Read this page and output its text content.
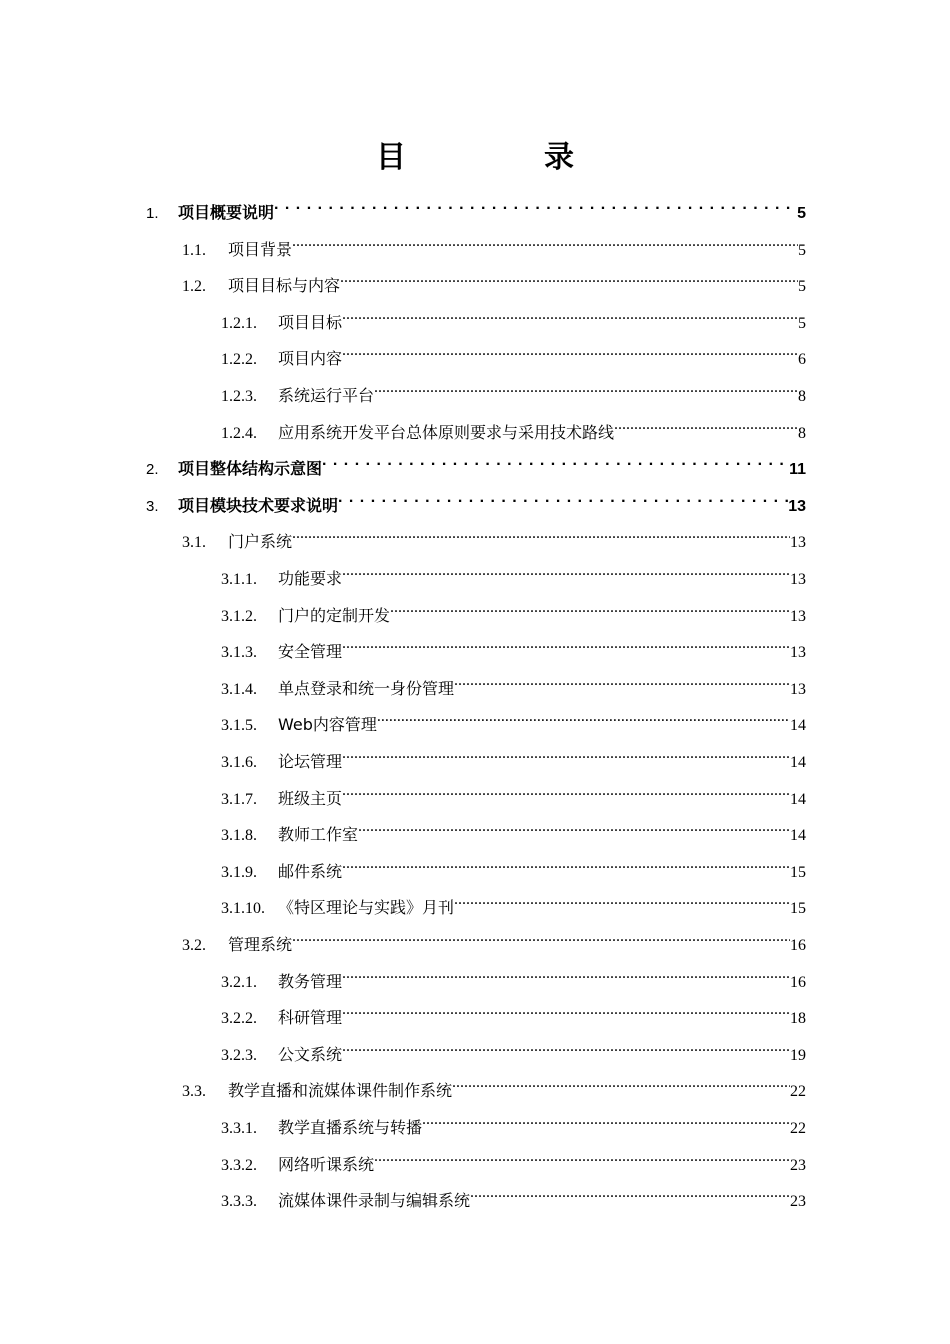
目　录
1.	项目概要说明 . . .	5
1.1.	项目背景 .....	5
1.2.	项目目标与内容 .....	5
1.2.1.	项目目标 .....	5
1.2.2.	项目内容 .....	6
1.2.3.	系统运行平台 .....	8
1.2.4.	应用系统开发平台总体原则要求与采用技术路线 .....	8
2.	项目整体结构示意图 . . .	11
3.	项目模块技术要求说明 . . .	13
3.1.	门户系统 .....	13
3.1.1.	功能要求 .....	13
3.1.2.	门户的定制开发 .....	13
3.1.3.	安全管理 .....	13
3.1.4.	单点登录和统一身份管理 .....	13
3.1.5.	Web内容管理 .....	14
3.1.6.	论坛管理 .....	14
3.1.7.	班级主页 .....	14
3.1.8.	教师工作室 .....	14
3.1.9.	邮件系统 .....	15
3.1.10. 《特区理论与实践》月刊 .....	15
3.2.	管理系统 .....	16
3.2.1.	教务管理 .....	16
3.2.2.	科研管理 .....	18
3.2.3.	公文系统 .....	19
3.3.	教学直播和流媒体课件制作系统 .....	22
3.3.1.	教学直播系统与转播 .....	22
3.3.2.	网络听课系统 .....	23
3.3.3.	流媒体课件录制与编辑系统 .....	23
